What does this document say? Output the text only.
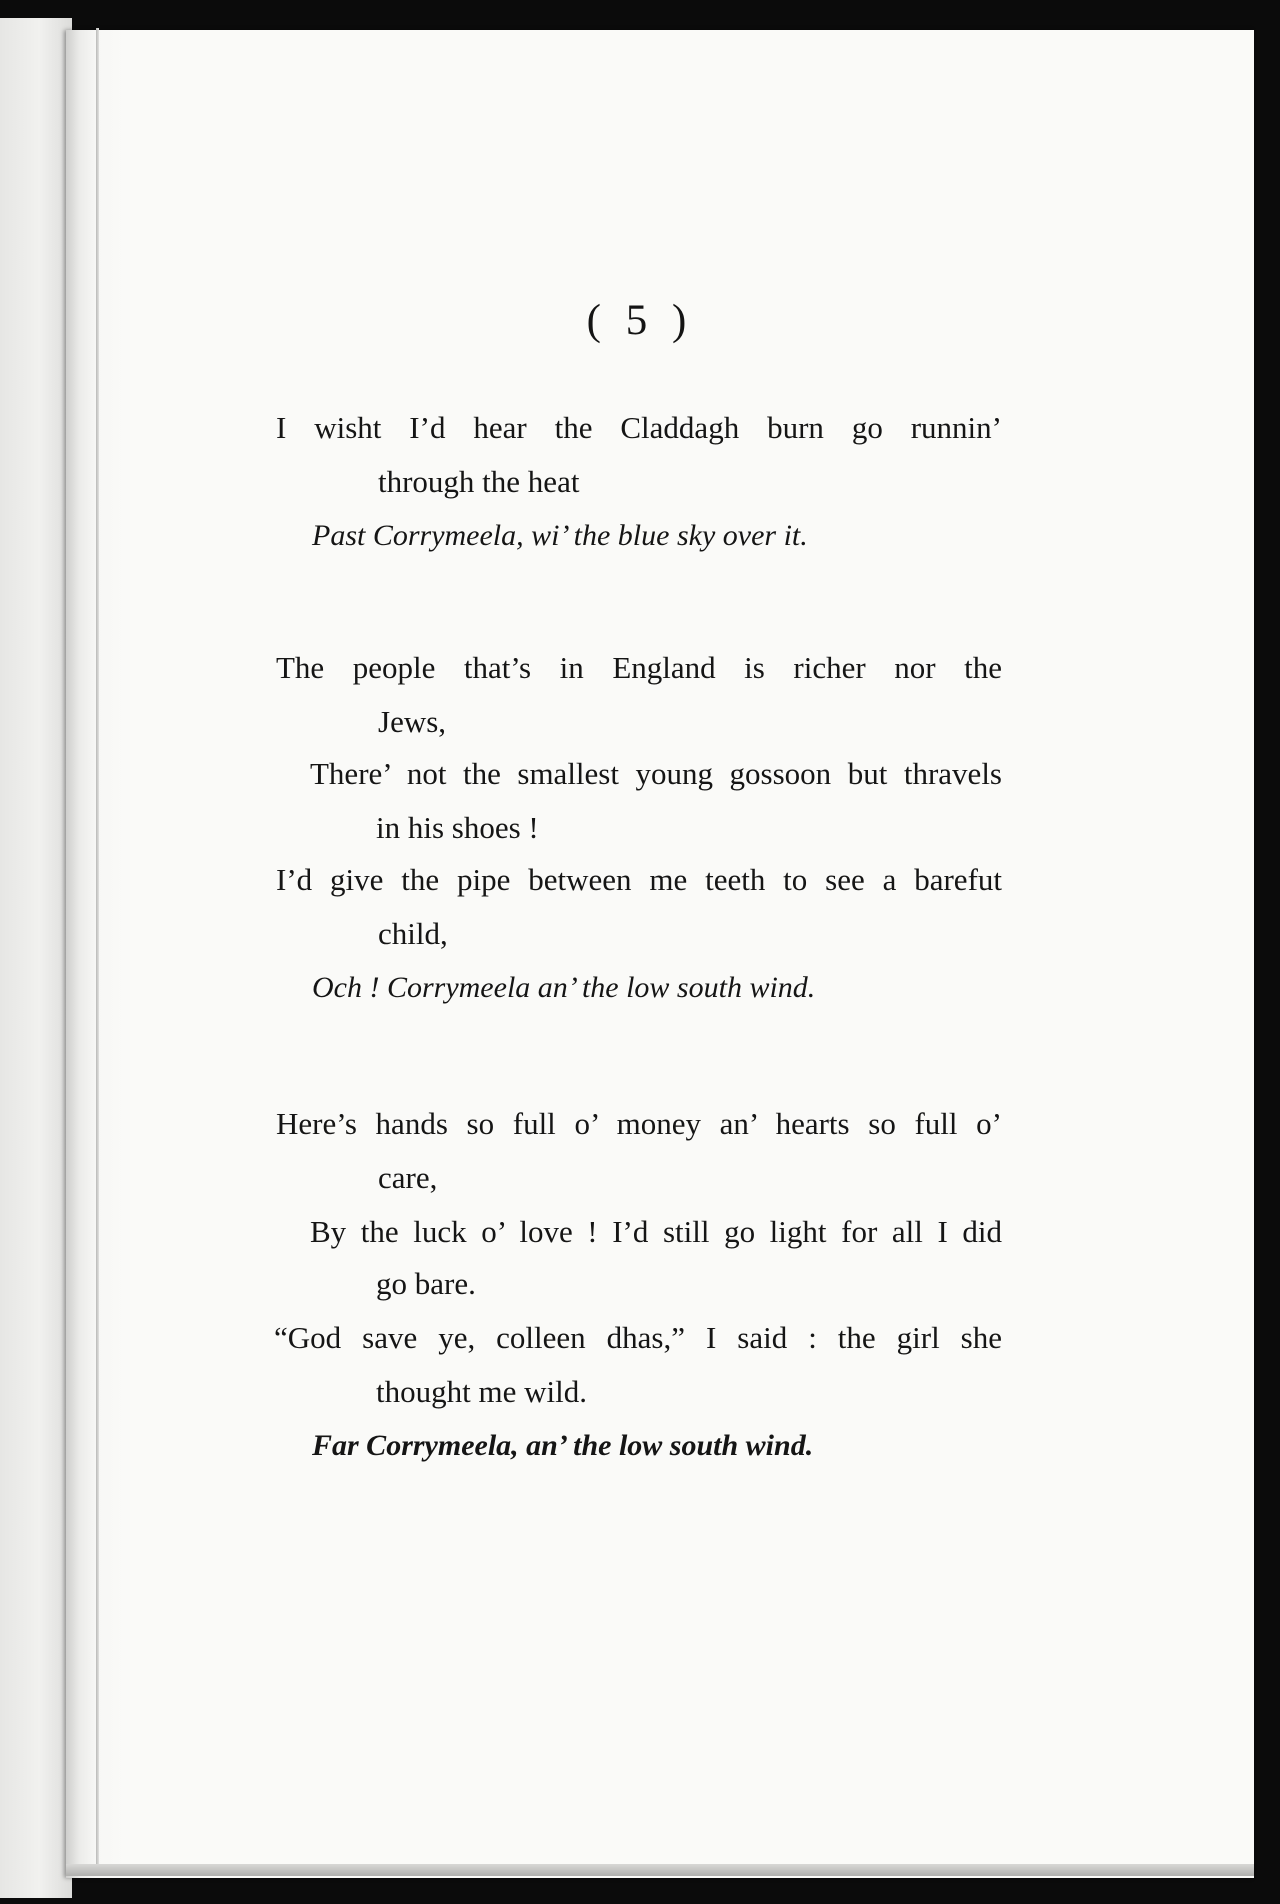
( 5 )
I wisht I’d hear the Claddagh burn go runnin’
through the heat
Past Corrymeela, wi’ the blue sky over it.
The people that’s in England is richer nor the
Jews,
There’ not the smallest young gossoon but thravels
in his shoes !
I’d give the pipe between me teeth to see a barefut
child,
Och ! Corrymeela an’ the low south wind.
Here’s hands so full o’ money an’ hearts so full o’
care,
By the luck o’ love ! I’d still go light for all I did
go bare.
“God save ye, colleen dhas,” I said : the girl she
thought me wild.
Far Corrymeela, an’ the low south wind.
